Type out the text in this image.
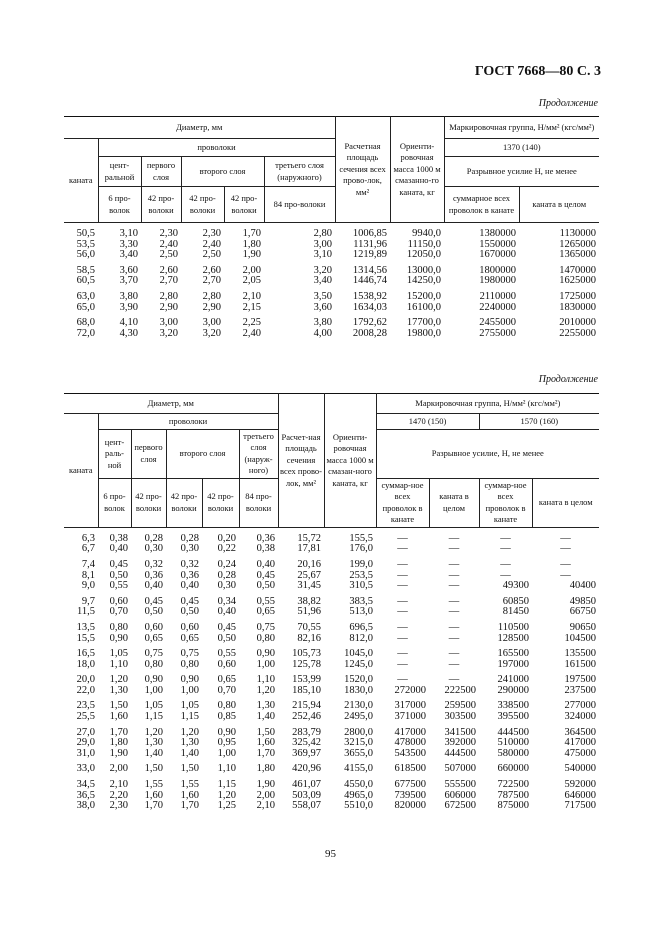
ГОСТ 7668—80 С. 3
Продолжение
Диаметр, мм						Расчетная площадь сечения всех прово-лок, мм²	Ориенти-ровочная масса 1000 м смазанно-го каната, кг	Маркировочная группа, Н/мм² (кгс/мм²)	
каната	проволоки							1370 (140)	
	цент-ральной	первого слоя	второго слоя		третьего слоя (наружного)			Разрывное усилие Н, не менее	
	6 про-волок	42 про-волоки	42 про-волоки	42 про-волоки	84 про-волоки			суммарное всех проволок в канате	каната в целом
50,5	3,10	2,30	2,30	1,70	2,80	1006,85	9940,0	1380000	1130000
53,5	3,30	2,40	2,40	1,80	3,00	1131,96	11150,0	1550000	1265000
56,0	3,40	2,50	2,50	1,90	3,10	1219,89	12050,0	1670000	1365000
58,5	3,60	2,60	2,60	2,00	3,20	1314,56	13000,0	1800000	1470000
60,5	3,70	2,70	2,70	2,05	3,40	1446,74	14250,0	1980000	1625000
63,0	3,80	2,80	2,80	2,10	3,50	1538,92	15200,0	2110000	1725000
65,0	3,90	2,90	2,90	2,15	3,60	1634,03	16100,0	2240000	1830000
68,0	4,10	3,00	3,00	2,25	3,80	1792,62	17700,0	2455000	2010000
72,0	4,30	3,20	3,20	2,40	4,00	2008,28	19800,0	2755000	2255000
Продолжение
Диаметр, мм						Расчет-ная площадь сечения всех прово-лок, мм²	Ориенти-ровочная масса 1000 м смазан-ного каната, кг	Маркировочная группа, Н/мм² (кгс/мм²)			
каната	проволоки							1470 (150)		1570 (160)	
	цент-раль-ной	первого слоя	второго слоя		третьего слоя (наруж-ного)			Разрывное усилие, Н, не менее			
	6 про-волок	42 про-волоки	42 про-волоки	42 про-волоки	84 про-волоки			суммар-ное всех проволок в канате	каната в целом	суммар-ное всех проволок в канате	каната в целом
6,3	0,38	0,28	0,28	0,20	0,36	15,72	155,5	—	—	—	—
6,7	0,40	0,30	0,30	0,22	0,38	17,81	176,0	—	—	—	—
7,4	0,45	0,32	0,32	0,24	0,40	20,16	199,0	—	—	—	—
8,1	0,50	0,36	0,36	0,28	0,45	25,67	253,5	—	—	—	—
9,0	0,55	0,40	0,40	0,30	0,50	31,45	310,5	—	—	49300	40400
9,7	0,60	0,45	0,45	0,34	0,55	38,82	383,5	—	—	60850	49850
11,5	0,70	0,50	0,50	0,40	0,65	51,96	513,0	—	—	81450	66750
13,5	0,80	0,60	0,60	0,45	0,75	70,55	696,5	—	—	110500	90650
15,5	0,90	0,65	0,65	0,50	0,80	82,16	812,0	—	—	128500	104500
16,5	1,05	0,75	0,75	0,55	0,90	105,73	1045,0	—	—	165500	135500
18,0	1,10	0,80	0,80	0,60	1,00	125,78	1245,0	—	—	197000	161500
20,0	1,20	0,90	0,90	0,65	1,10	153,99	1520,0	—	—	241000	197500
22,0	1,30	1,00	1,00	0,70	1,20	185,10	1830,0	272000	222500	290000	237500
23,5	1,50	1,05	1,05	0,80	1,30	215,94	2130,0	317000	259500	338500	277000
25,5	1,60	1,15	1,15	0,85	1,40	252,46	2495,0	371000	303500	395500	324000
27,0	1,70	1,20	1,20	0,90	1,50	283,79	2800,0	417000	341500	444500	364500
29,0	1,80	1,30	1,30	0,95	1,60	325,42	3215,0	478000	392000	510000	417000
31,0	1,90	1,40	1,40	1,00	1,70	369,97	3655,0	543500	444500	580000	475000
33,0	2,00	1,50	1,50	1,10	1,80	420,96	4155,0	618500	507000	660000	540000
34,5	2,10	1,55	1,55	1,15	1,90	461,07	4550,0	677500	555500	722500	592000
36,5	2,20	1,60	1,60	1,20	2,00	503,09	4965,0	739500	606000	787500	646000
38,0	2,30	1,70	1,70	1,25	2,10	558,07	5510,0	820000	672500	875000	717500
95
